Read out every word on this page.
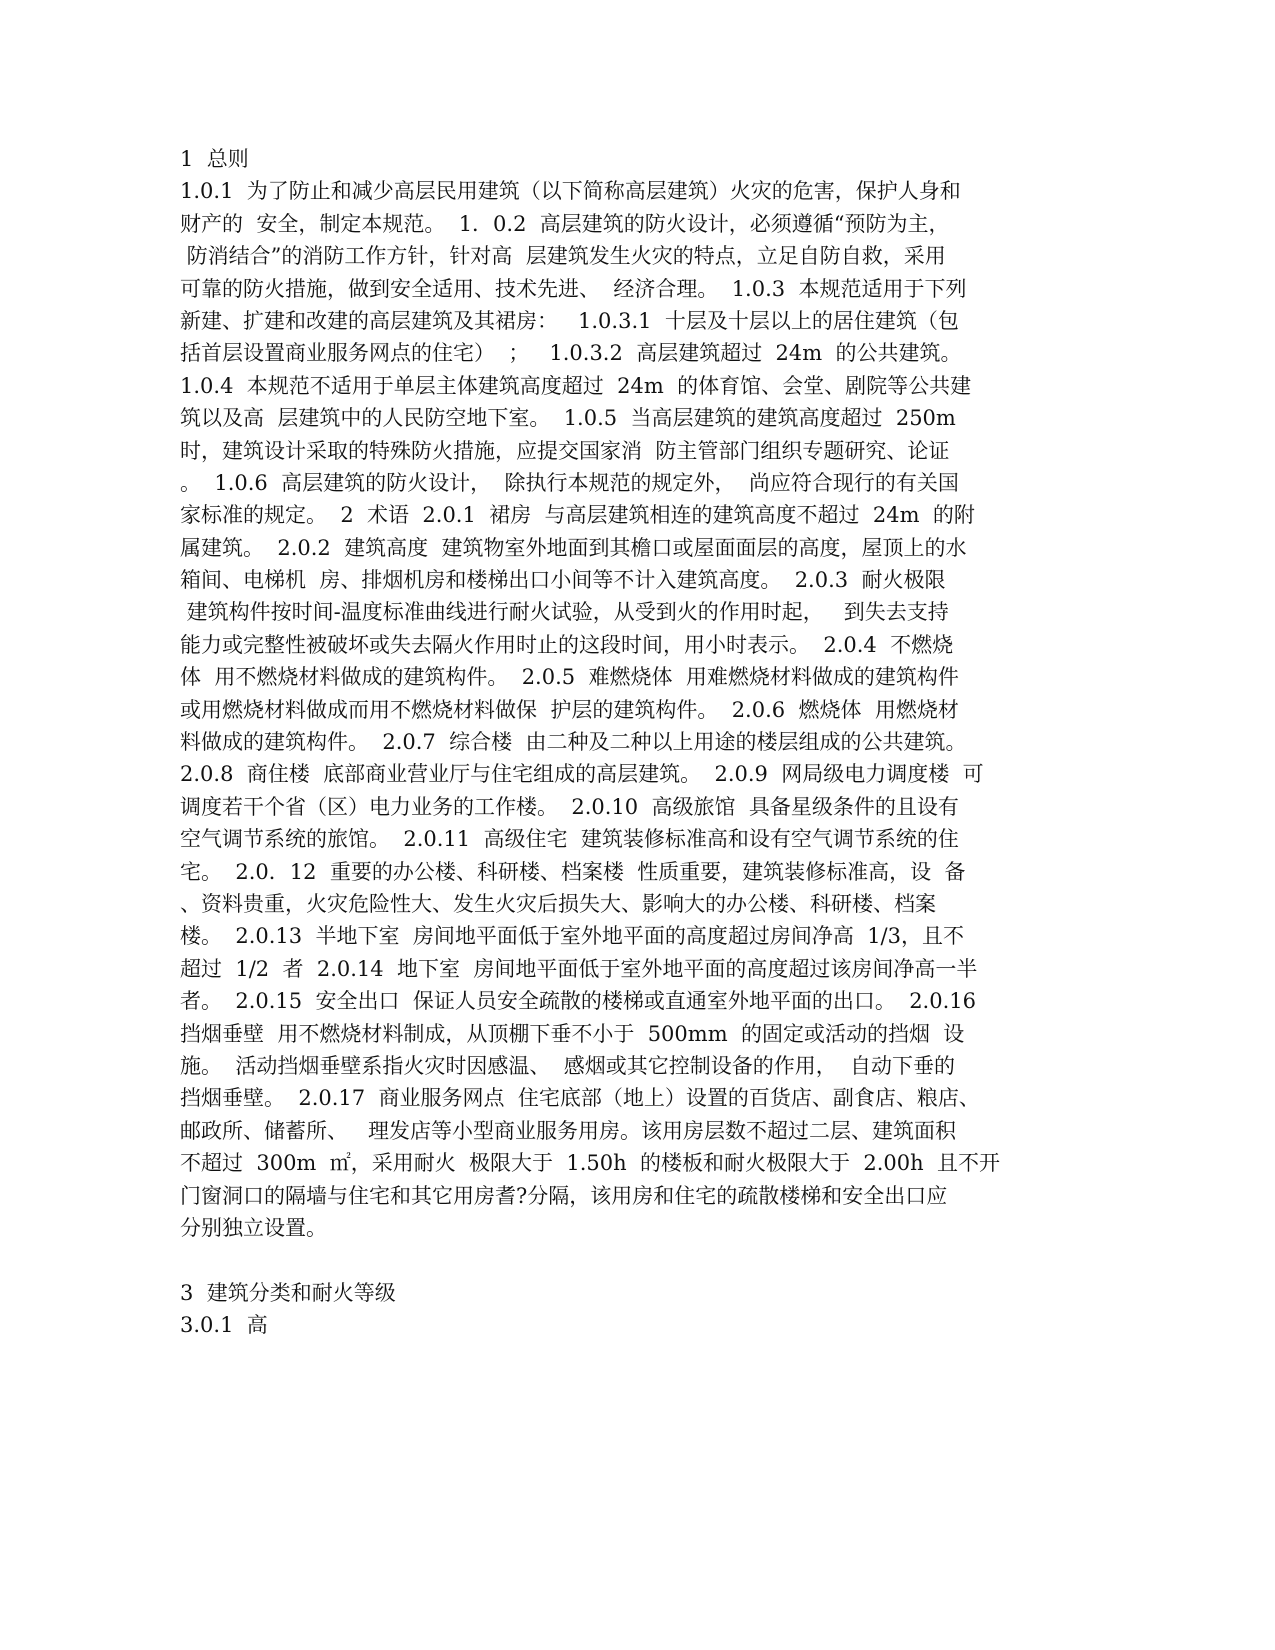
1  总则
1.0.1  为了防止和减少高层民用建筑（以下简称高层建筑）火灾的危害，保护人身和
财产的  安全，制定本规范。  1．0.2  高层建筑的防火设计，必须遵循“预防为主，
防消结合”的消防工作方针，针对高  层建筑发生火灾的特点，立足自防自救，采用
可靠的防火措施，做到安全适用、技术先进、  经济合理。  1.0.3  本规范适用于下列
新建、扩建和改建的高层建筑及其裙房：   1.0.3.1  十层及十层以上的居住建筑（包
括首层设置商业服务网点的住宅）  ；   1.0.3.2  高层建筑超过  24m  的公共建筑。
1.0.4  本规范不适用于单层主体建筑高度超过  24m  的体育馆、会堂、剧院等公共建
筑以及高  层建筑中的人民防空地下室。  1.0.5  当高层建筑的建筑高度超过  250m
时，建筑设计采取的特殊防火措施，应提交国家消  防主管部门组织专题研究、论证
。  1.0.6  高层建筑的防火设计，  除执行本规范的规定外，  尚应符合现行的有关国
家标准的规定。  2  术语  2.0.1  裙房  与高层建筑相连的建筑高度不超过  24m  的附
属建筑。  2.0.2  建筑高度  建筑物室外地面到其檐口或屋面面层的高度，屋顶上的水
箱间、电梯机  房、排烟机房和楼梯出口小间等不计入建筑高度。  2.0.3  耐火极限
建筑构件按时间-温度标准曲线进行耐火试验，从受到火的作用时起，   到失去支持
能力或完整性被破坏或失去隔火作用时止的这段时间，用小时表示。  2.0.4  不燃烧
体  用不燃烧材料做成的建筑构件。  2.0.5  难燃烧体  用难燃烧材料做成的建筑构件
或用燃烧材料做成而用不燃烧材料做保  护层的建筑构件。  2.0.6  燃烧体  用燃烧材
料做成的建筑构件。  2.0.7  综合楼  由二种及二种以上用途的楼层组成的公共建筑。
2.0.8  商住楼  底部商业营业厅与住宅组成的高层建筑。  2.0.9  网局级电力调度楼  可
调度若干个省（区）电力业务的工作楼。  2.0.10  高级旅馆  具备星级条件的且设有
空气调节系统的旅馆。  2.0.11  高级住宅  建筑装修标准高和设有空气调节系统的住
宅。  2.0．12  重要的办公楼、科研楼、档案楼  性质重要，建筑装修标准高，设  备
、资料贵重，火灾危险性大、发生火灾后损失大、影响大的办公楼、科研楼、档案
楼。  2.0.13  半地下室  房间地平面低于室外地平面的高度超过房间净高  1/3，且不
超过  1/2  者  2.0.14  地下室  房间地平面低于室外地平面的高度超过该房间净高一半
者。  2.0.15  安全出口  保证人员安全疏散的楼梯或直通室外地平面的出口。  2.0.16
挡烟垂壁  用不燃烧材料制成，从顶棚下垂不小于  500mm  的固定或活动的挡烟  设
施。  活动挡烟垂壁系指火灾时因感温、  感烟或其它控制设备的作用，  自动下垂的
挡烟垂壁。  2.0.17  商业服务网点  住宅底部（地上）设置的百货店、副食店、粮店、
邮政所、储蓄所、   理发店等小型商业服务用房。该用房层数不超过二层、建筑面积
不超过  300m  ㎡，采用耐火  极限大于  1.50h  的楼板和耐火极限大于  2.00h  且不开
门窗洞口的隔墙与住宅和其它用房耆?分隔，该用房和住宅的疏散楼梯和安全出口应
分别独立设置。
3  建筑分类和耐火等级
3.0.1  高
